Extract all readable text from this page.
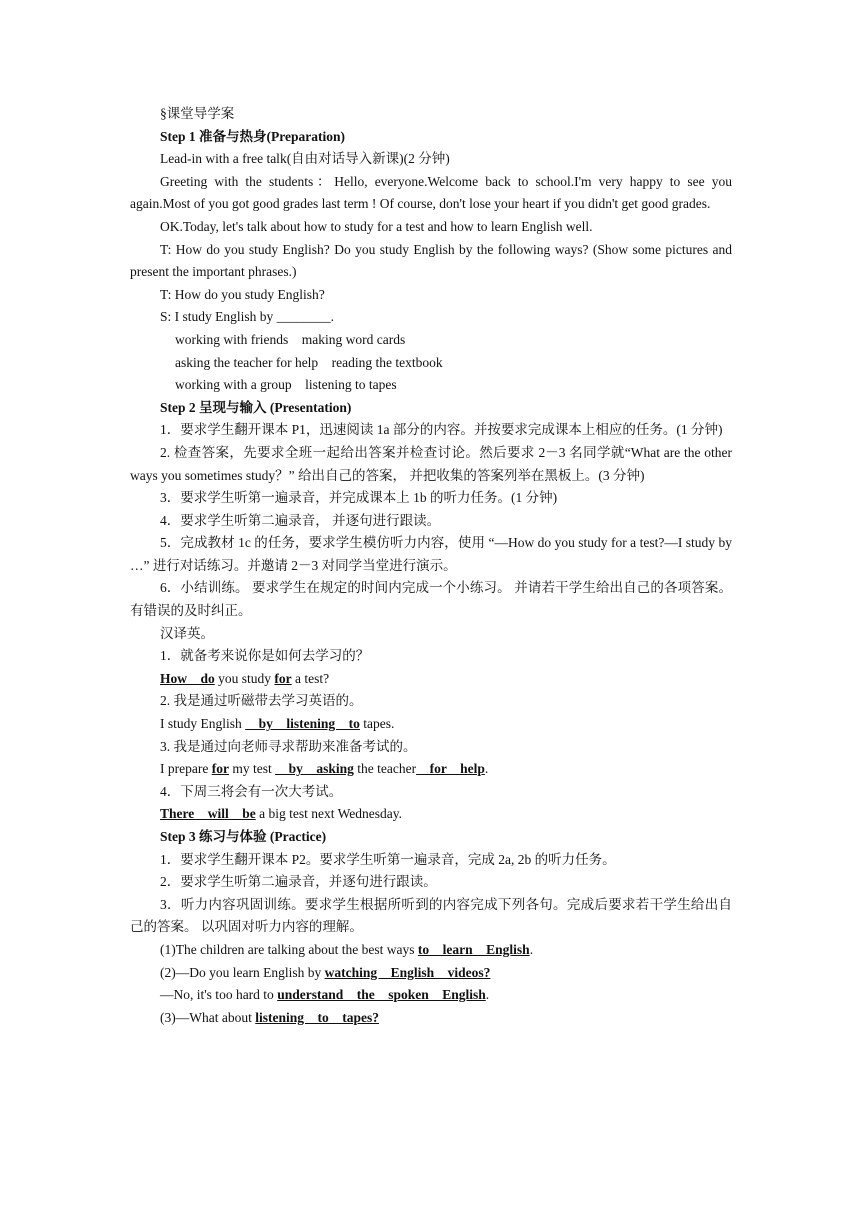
§课堂导学案
Step 1 准备与热身(Preparation)
Lead-in with a free talk(自由对话导入新课)(2 分钟)
Greeting with the students：Hello, everyone.Welcome back to school.I'm very happy to see you again.Most of you got good grades last term ! Of course, don't lose your heart if you didn't get good grades.
OK.Today, let's talk about how to study for a test and how to learn English well.
T: How do you study English? Do you study English by the following ways? (Show some pictures and present the important phrases.)
T: How do you study English?
S: I study English by ________.
working with friends    making word cards
asking the teacher for help    reading the textbook
working with a group    listening to tapes
Step 2 呈现与输入 (Presentation)
1．要求学生翻开课本 P1，迅速阅读 1a 部分的内容。并按要求完成课本上相应的任务。(1 分钟)
2. 检查答案，先要求全班一起给出答案并检查讨论。然后要求 2－3 名同学就“What are the other ways you sometimes study？” 给出自己的答案， 并把收集的答案列举在黑板上。(3 分钟)
3．要求学生听第一遍录音，并完成课本上 1b 的听力任务。(1 分钟)
4．要求学生听第二遍录音， 并逐句进行跟读。
5．完成教材 1c 的任务，要求学生模仿听力内容，使用 “—How do you study for a test?—I study by …” 进行对话练习。并邀请 2－3 对同学当堂进行演示。
6．小结训练。 要求学生在规定的时间内完成一个小练习。 并请若干学生给出自己的各项答案。有错误的及时纠正。
汉译英。
1．就备考来说你是如何去学习的？
How    do you study for a test?
2. 我是通过听磁带去学习英语的。
I study English     by    listening    to tapes.
3. 我是通过向老师寻求帮助来准备考试的。
I prepare for my test     by    asking the teacher    for    help.
4．下周三将会有一次大考试。
There    will    be a big test next Wednesday.
Step 3 练习与体验 (Practice)
1．要求学生翻开课本 P2。要求学生听第一遍录音，完成 2a, 2b 的听力任务。
2．要求学生听第二遍录音，并逐句进行跟读。
3．听力内容巩固训练。要求学生根据所听到的内容完成下列各句。完成后要求若干学生给出自己的答案。 以巩固对听力内容的理解。
(1)The children are talking about the best ways to    learn    English.
(2)—Do you learn English by watching    English    videos?
—No, it's too hard to understand    the    spoken    English.
(3)—What about listening    to    tapes?
